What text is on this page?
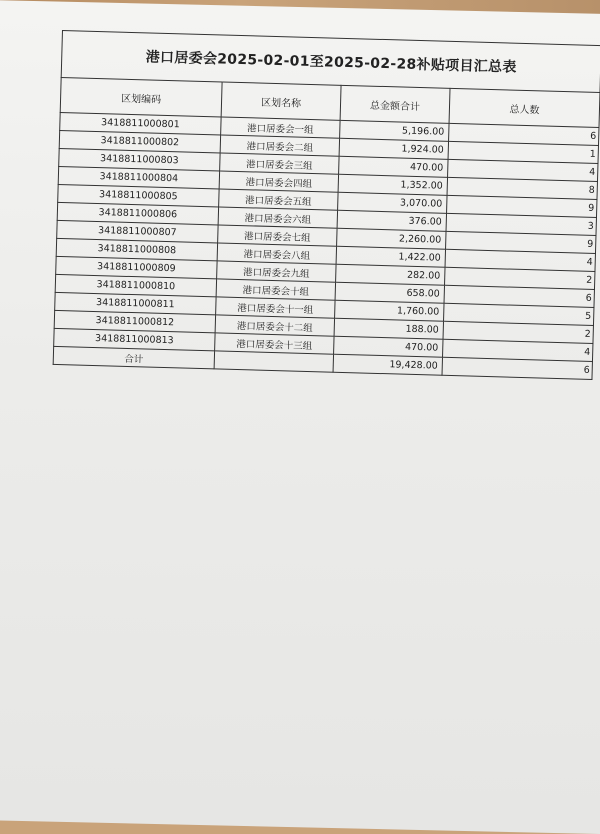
港口居委会2025-02-01至2025-02-28补贴项目汇总表
区划编码	区划名称	总金额合计	总人数
3418811000801	港口居委会一组	5,196.00	6
3418811000802	港口居委会二组	1,924.00	1
3418811000803	港口居委会三组	470.00	4
3418811000804	港口居委会四组	1,352.00	8
3418811000805	港口居委会五组	3,070.00	9
3418811000806	港口居委会六组	376.00	3
3418811000807	港口居委会七组	2,260.00	9
3418811000808	港口居委会八组	1,422.00	4
3418811000809	港口居委会九组	282.00	2
3418811000810	港口居委会十组	658.00	6
3418811000811	港口居委会十一组	1,760.00	5
3418811000812	港口居委会十二组	188.00	2
3418811000813	港口居委会十三组	470.00	4
合计		19,428.00	6
